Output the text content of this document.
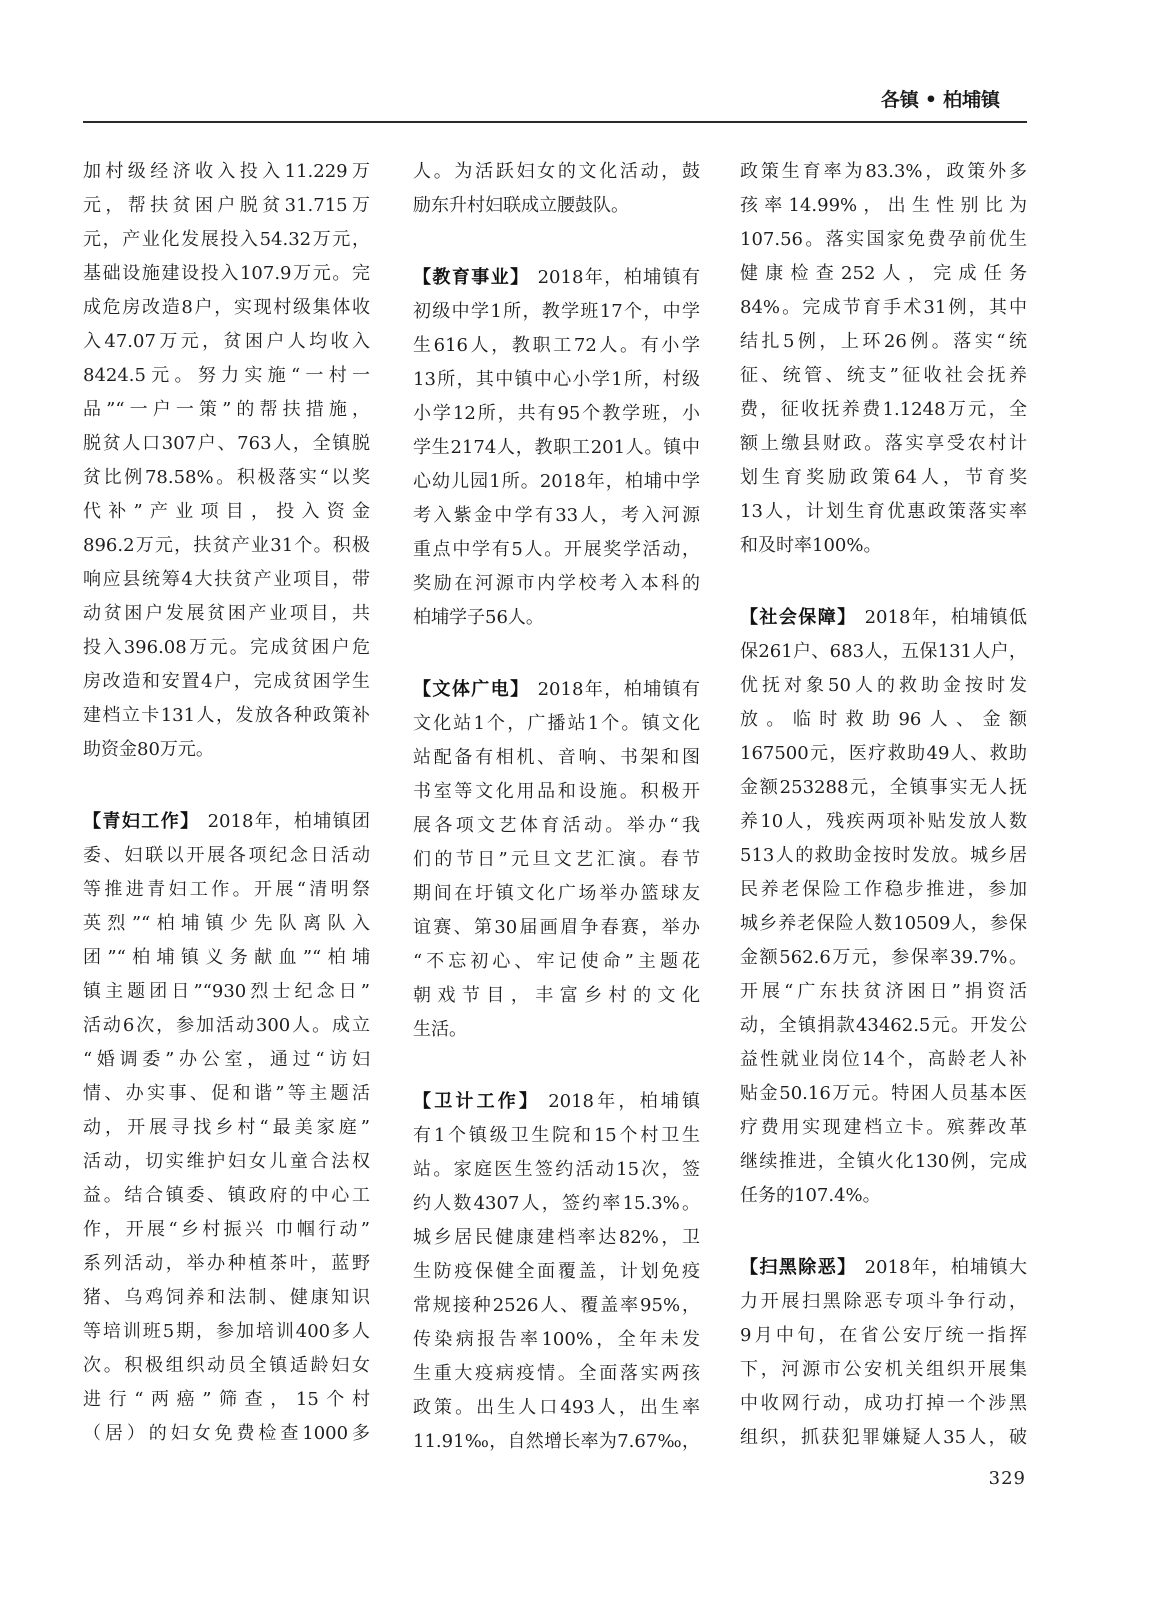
各镇 • 柏埔镇
加村级经济收入投入11.229万
元，帮扶贫困户脱贫31.715万
元，产业化发展投入54.32万元，
基础设施建设投入107.9万元。完
成危房改造8户，实现村级集体收
入47.07万元，贫困户人均收入
8424.5元。努力实施“一村一
品”“一户一策”的帮扶措施，
脱贫人口307户、763人，全镇脱
贫比例78.58%。积极落实“以奖
代补”产业项目，投入资金
896.2万元，扶贫产业31个。积极
响应县统筹4大扶贫产业项目，带
动贫困户发展贫困产业项目，共
投入396.08万元。完成贫困户危
房改造和安置4户，完成贫困学生
建档立卡131人，发放各种政策补
助资金80万元。
【青妇工作】 2018年，柏埔镇团
委、妇联以开展各项纪念日活动
等推进青妇工作。开展“清明祭
英烈”“柏埔镇少先队离队入
团”“柏埔镇义务献血”“柏埔
镇主题团日”“930烈士纪念日”
活动6次，参加活动300人。成立
“婚调委”办公室，通过“访妇
情、办实事、促和谐”等主题活
动，开展寻找乡村“最美家庭”
活动，切实维护妇女儿童合法权
益。结合镇委、镇政府的中心工
作，开展“乡村振兴 巾帼行动”
系列活动，举办种植茶叶，蓝野
猪、乌鸡饲养和法制、健康知识
等培训班5期，参加培训400多人
次。积极组织动员全镇适龄妇女
进行“两癌”筛查，15个村
（居）的妇女免费检查1000多
人。为活跃妇女的文化活动，鼓
励东升村妇联成立腰鼓队。
【教育事业】 2018年，柏埔镇有
初级中学1所，教学班17个，中学
生616人，教职工72人。有小学
13所，其中镇中心小学1所，村级
小学12所，共有95个教学班，小
学生2174人，教职工201人。镇中
心幼儿园1所。2018年，柏埔中学
考入紫金中学有33人，考入河源
重点中学有5人。开展奖学活动，
奖励在河源市内学校考入本科的
柏埔学子56人。
【文体广电】 2018年，柏埔镇有
文化站1个，广播站1个。镇文化
站配备有相机、音响、书架和图
书室等文化用品和设施。积极开
展各项文艺体育活动。举办“我
们的节日”元旦文艺汇演。春节
期间在圩镇文化广场举办篮球友
谊赛、第30届画眉争春赛，举办
“不忘初心、牢记使命”主题花
朝戏节目，丰富乡村的文化
生活。
【卫计工作】 2018年，柏埔镇
有1个镇级卫生院和15个村卫生
站。家庭医生签约活动15次，签
约人数4307人，签约率15.3%。
城乡居民健康建档率达82%，卫
生防疫保健全面覆盖，计划免疫
常规接种2526人、覆盖率95%，
传染病报告率100%，全年未发
生重大疫病疫情。全面落实两孩
政策。出生人口493人，出生率
11.91‰，自然增长率为7.67‰，
政策生育率为83.3%，政策外多
孩率14.99%，出生性别比为
107.56。落实国家免费孕前优生
健康检查252人，完成任务
84%。完成节育手术31例，其中
结扎5例，上环26例。落实“统
征、统管、统支”征收社会抚养
费，征收抚养费1.1248万元，全
额上缴县财政。落实享受农村计
划生育奖励政策64人，节育奖
13人，计划生育优惠政策落实率
和及时率100%。
【社会保障】 2018年，柏埔镇低
保261户、683人，五保131人户，
优抚对象50人的救助金按时发
放。临时救助96人、金额
167500元，医疗救助49人、救助
金额253288元，全镇事实无人抚
养10人，残疾两项补贴发放人数
513人的救助金按时发放。城乡居
民养老保险工作稳步推进，参加
城乡养老保险人数10509人，参保
金额562.6万元，参保率39.7%。
开展“广东扶贫济困日”捐资活
动，全镇捐款43462.5元。开发公
益性就业岗位14个，高龄老人补
贴金50.16万元。特困人员基本医
疗费用实现建档立卡。殡葬改革
继续推进，全镇火化130例，完成
任务的107.4%。
【扫黑除恶】 2018年，柏埔镇大
力开展扫黑除恶专项斗争行动，
9月中旬，在省公安厅统一指挥
下，河源市公安机关组织开展集
中收网行动，成功打掉一个涉黑
组织，抓获犯罪嫌疑人35人，破
329
